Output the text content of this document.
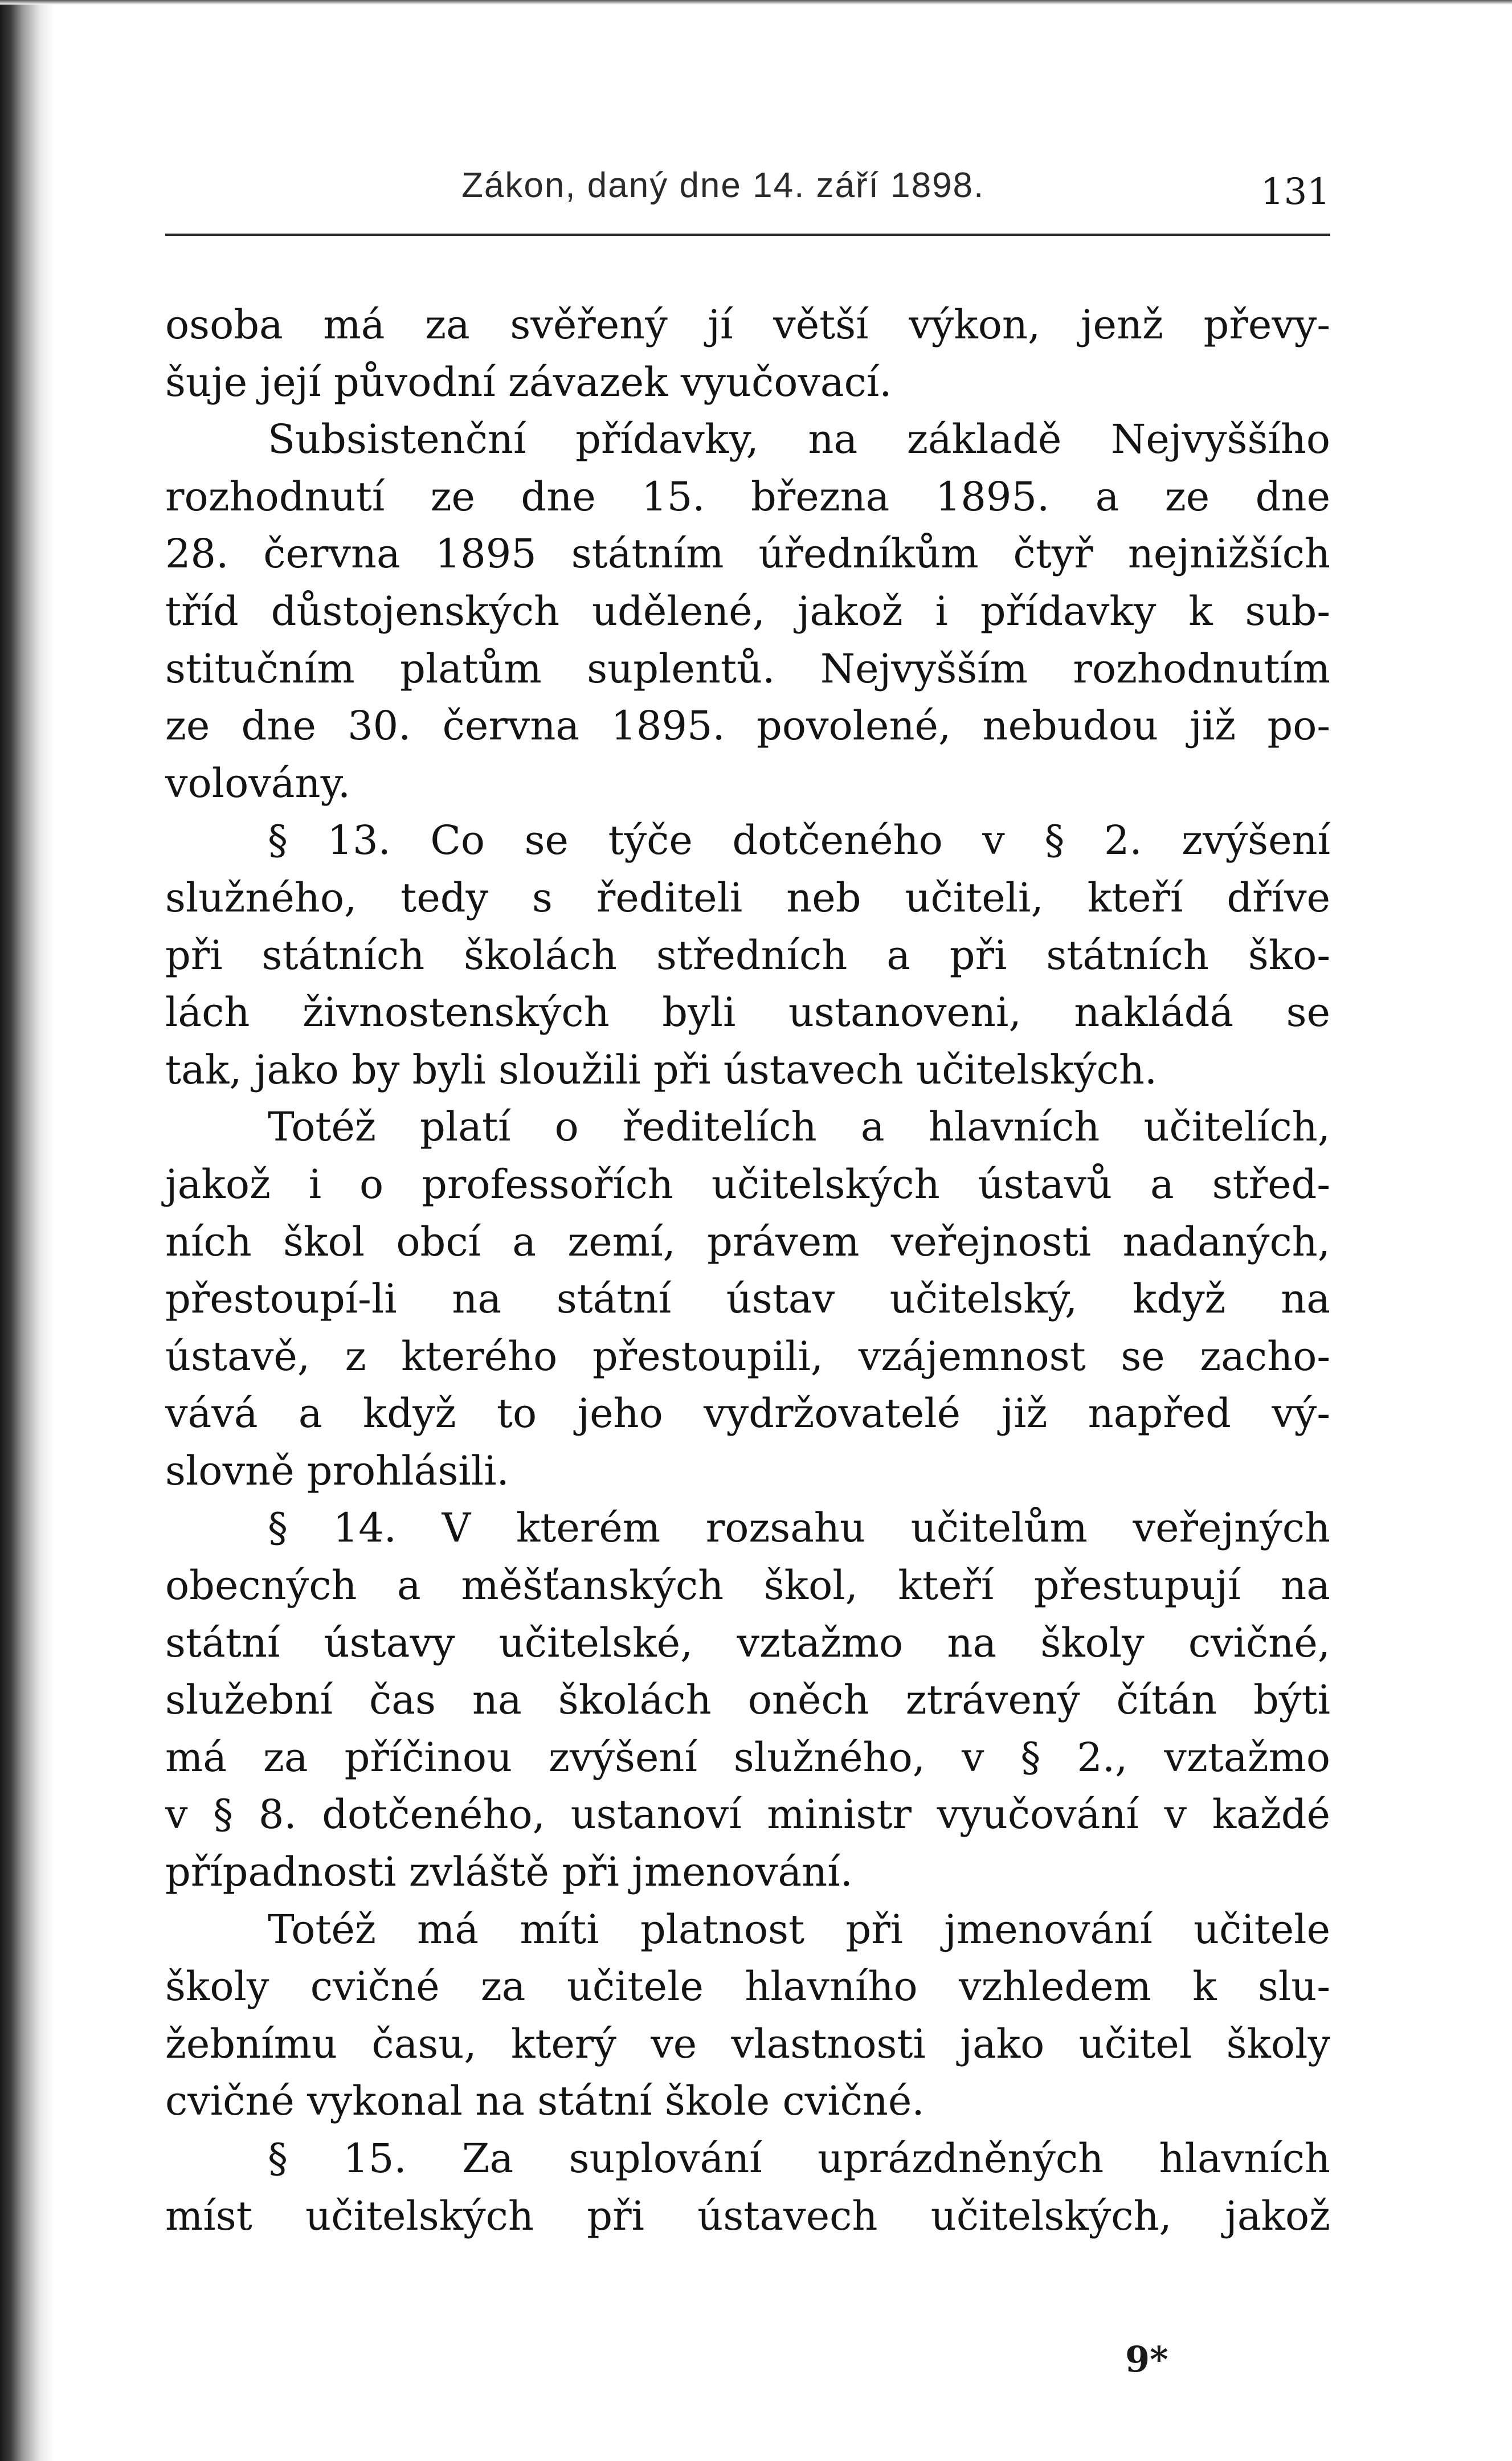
Zákon, daný dne 14. září 1898.	131
osoba má za svěřený jí větší výkon, jenž převy-
šuje její původní závazek vyučovací.
Subsistenční přídavky, na základě Nejvyššího
rozhodnutí ze dne 15. března 1895. a ze dne
28. června 1895 státním úředníkům čtyř nejnižších
tříd důstojenských udělené, jakož i přídavky k sub-
stitučním platům suplentů. Nejvyšším rozhodnutím
ze dne 30. června 1895. povolené, nebudou již po-
volovány.
§ 13. Co se týče dotčeného v § 2. zvýšení
služného, tedy s řediteli neb učiteli, kteří dříve
při státních školách středních a při státních ško-
lách živnostenských byli ustanoveni, nakládá se
tak, jako by byli sloužili při ústavech učitelských.
Totéž platí o ředitelích a hlavních učitelích,
jakož i o professořích učitelských ústavů a střed-
ních škol obcí a zemí, právem veřejnosti nadaných,
přestoupí-li na státní ústav učitelský, když na
ústavě, z kterého přestoupili, vzájemnost se zacho-
vává a když to jeho vydržovatelé již napřed vý-
slovně prohlásili.
§ 14. V kterém rozsahu učitelům veřejných
obecných a měšťanských škol, kteří přestupují na
státní ústavy učitelské, vztažmo na školy cvičné,
služební čas na školách oněch ztrávený čítán býti
má za příčinou zvýšení služného, v § 2., vztažmo
v § 8. dotčeného, ustanoví ministr vyučování v každé
případnosti zvláště při jmenování.
Totéž má míti platnost při jmenování učitele
školy cvičné za učitele hlavního vzhledem k slu-
žebnímu času, který ve vlastnosti jako učitel školy
cvičné vykonal na státní škole cvičné.
§ 15. Za suplování uprázdněných hlavních
míst učitelských při ústavech učitelských, jakož
9*
